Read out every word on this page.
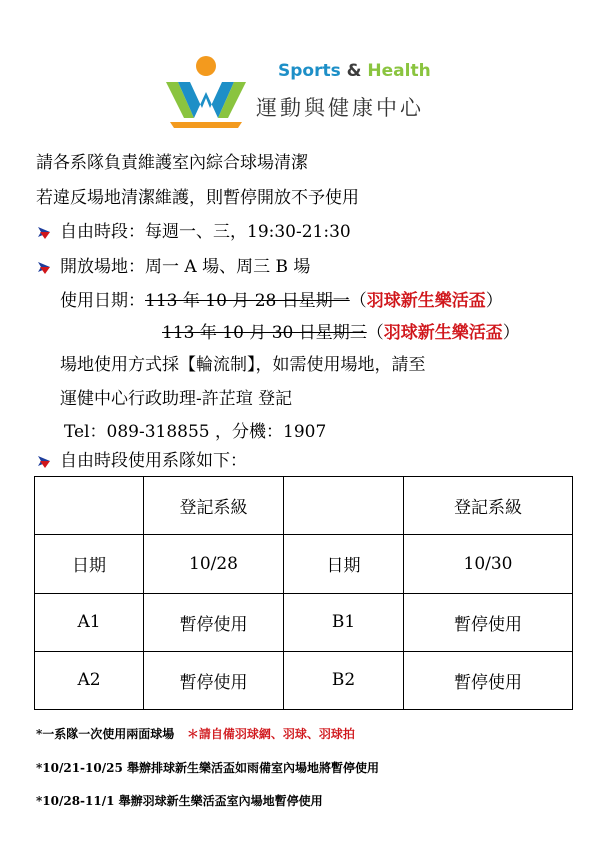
Sports & Health
運動與健康中心
請各系隊負責維護室內綜合球場清潔
若違反場地清潔維護，則暫停開放不予使用
自由時段：每週一、三，19:30-21:30
開放場地：周一 A 場、周三 B 場
使用日期：113 年 10 月 28 日星期一（羽球新生樂活盃）
113 年 10 月 30 日星期三（羽球新生樂活盃）
場地使用方式採【輪流制】，如需使用場地，請至
運健中心行政助理-許芷瑄 登記
Tel：089-318855 ，分機：1907
自由時段使用系隊如下：
	登記系級		登記系級
日期	10/28	日期	10/30
A1	暫停使用	B1	暫停使用
A2	暫停使用	B2	暫停使用
*一系隊一次使用兩面球場 ＊請自備羽球網、羽球、羽球拍
*10/21-10/25 舉辦排球新生樂活盃如雨備室內場地將暫停使用
*10/28-11/1 舉辦羽球新生樂活盃室內場地暫停使用
